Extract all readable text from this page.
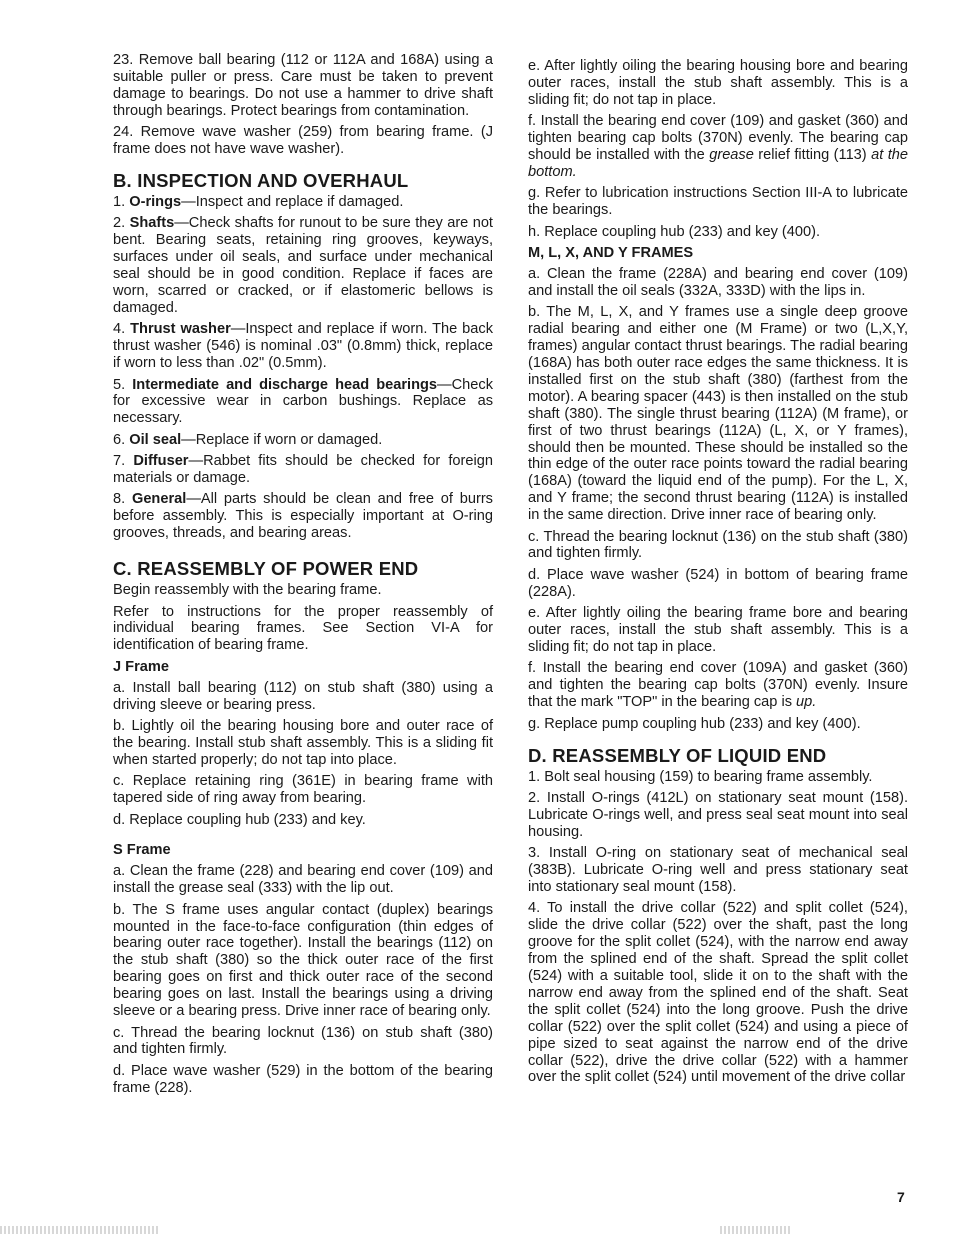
23. Remove ball bearing (112 or 112A and 168A) using a suitable puller or press. Care must be taken to prevent damage to bearings. Do not use a hammer to drive shaft through bearings. Protect bearings from contamination.

24. Remove wave washer (259) from bearing frame. (J frame does not have wave washer).

B. INSPECTION AND OVERHAUL

1. O-rings—Inspect and replace if damaged.

2. Shafts—Check shafts for runout to be sure they are not bent. Bearing seats, retaining ring grooves, keyways, surfaces under oil seals, and surface under mechanical seal should be in good condition. Replace if faces are worn, scarred or cracked, or if elastomeric bellows is damaged.

4. Thrust washer—Inspect and replace if worn. The back thrust washer (546) is nominal .03" (0.8mm) thick, replace if worn to less than .02" (0.5mm).

5. Intermediate and discharge head bearings—Check for excessive wear in carbon bushings. Replace as necessary.

6. Oil seal—Replace if worn or damaged.

7. Diffuser—Rabbet fits should be checked for foreign materials or damage.

8. General—All parts should be clean and free of burrs before assembly. This is especially important at O-ring grooves, threads, and bearing areas.

C. REASSEMBLY OF POWER END

Begin reassembly with the bearing frame.

Refer to instructions for the proper reassembly of individual bearing frames. See Section VI-A for identification of bearing frame.

J Frame

a. Install ball bearing (112) on stub shaft (380) using a driving sleeve or bearing press.

b. Lightly oil the bearing housing bore and outer race of the bearing. Install stub shaft assembly. This is a sliding fit when started properly; do not tap into place.

c. Replace retaining ring (361E) in bearing frame with tapered side of ring away from bearing.

d. Replace coupling hub (233) and key.

S Frame

a. Clean the frame (228) and bearing end cover (109) and install the grease seal (333) with the lip out.

b. The S frame uses angular contact (duplex) bearings mounted in the face-to-face configuration (thin edges of bearing outer race together). Install the bearings (112) on the stub shaft (380) so the thick outer race of the first bearing goes on first and thick outer race of the second bearing goes on last. Install the bearings using a driving sleeve or a bearing press. Drive inner race of bearing only.

c. Thread the bearing locknut (136) on stub shaft (380) and tighten firmly.

d. Place wave washer (529) in the bottom of the bearing frame (228).

e. After lightly oiling the bearing housing bore and bearing outer races, install the stub shaft assembly. This is a sliding fit; do not tap in place.

f. Install the bearing end cover (109) and gasket (360) and tighten bearing cap bolts (370N) evenly. The bearing cap should be installed with the grease relief fitting (113) at the bottom.

g. Refer to lubrication instructions Section III-A to lubricate the bearings.

h. Replace coupling hub (233) and key (400).

M, L, X, AND Y FRAMES

a. Clean the frame (228A) and bearing end cover (109) and install the oil seals (332A, 333D) with the lips in.

b. The M, L, X, and Y frames use a single deep groove radial bearing and either one (M Frame) or two (L,X,Y, frames) angular contact thrust bearings. The radial bearing (168A) has both outer race edges the same thickness. It is installed first on the stub shaft (380) (farthest from the motor). A bearing spacer (443) is then installed on the stub shaft (380). The single thrust bearing (112A) (M frame), or first of two thrust bearings (112A) (L, X, or Y frames), should then be mounted. These should be installed so the thin edge of the outer race points toward the radial bearing (168A) (toward the liquid end of the pump). For the L, X, and Y frame; the second thrust bearing (112A) is installed in the same direction. Drive inner race of bearing only.

c. Thread the bearing locknut (136) on the stub shaft (380) and tighten firmly.

d. Place wave washer (524) in bottom of bearing frame (228A).

e. After lightly oiling the bearing frame bore and bearing outer races, install the stub shaft assembly. This is a sliding fit; do not tap in place.

f. Install the bearing end cover (109A) and gasket (360) and tighten the bearing cap bolts (370N) evenly. Insure that the mark "TOP" in the bearing cap is up.

g. Replace pump coupling hub (233) and key (400).

D. REASSEMBLY OF LIQUID END

1. Bolt seal housing (159) to bearing frame assembly.

2. Install O-rings (412L) on stationary seat mount (158). Lubricate O-rings well, and press seal seat mount into seal housing.

3. Install O-ring on stationary seat of mechanical seal (383B). Lubricate O-ring well and press stationary seat into stationary seal mount (158).

4. To install the drive collar (522) and split collet (524), slide the drive collar (522) over the shaft, past the long groove for the split collet (524), with the narrow end away from the splined end of the shaft. Spread the split collet (524) with a suitable tool, slide it on to the shaft with the narrow end away from the splined end of the shaft. Seat the split collet (524) into the long groove. Push the drive collar (522) over the split collet (524) and using a piece of pipe sized to seat against the narrow end of the drive collar (522), drive the drive collar (522) with a hammer over the split collet (524) until movement of the drive collar

7
